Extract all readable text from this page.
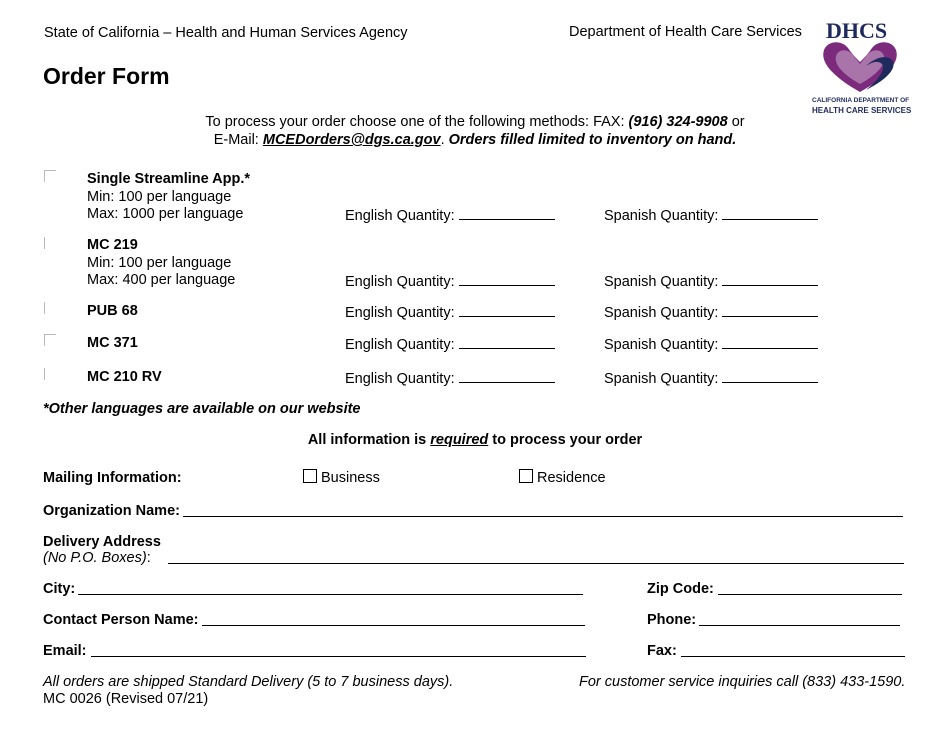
State of California – Health and Human Services Agency	Department of Health Care Services
Order Form
DHCS
CALIFORNIA DEPARTMENT OF
HEALTH CARE SERVICES
To process your order choose one of the following methods: FAX: (916) 324-9908 or
E-Mail: MCEDorders@dgs.ca.gov. Orders filled limited to inventory on hand.
Single Streamline App.*
Min: 100 per language
Max: 1000 per language	English Quantity:	Spanish Quantity:
MC 219
Min: 100 per language
Max: 400 per language	English Quantity:	Spanish Quantity:
PUB 68	English Quantity:	Spanish Quantity:
MC 371	English Quantity:	Spanish Quantity:
MC 210 RV	English Quantity:	Spanish Quantity:
*Other languages are available on our website
All information is required to process your order
Mailing Information:	Business	Residence
Organization Name:
Delivery Address
(No P.O. Boxes):
City:	Zip Code:
Contact Person Name:	Phone:
Email:	Fax:
All orders are shipped Standard Delivery (5 to 7 business days).	For customer service inquiries call (833) 433-1590.
MC 0026 (Revised 07/21)
